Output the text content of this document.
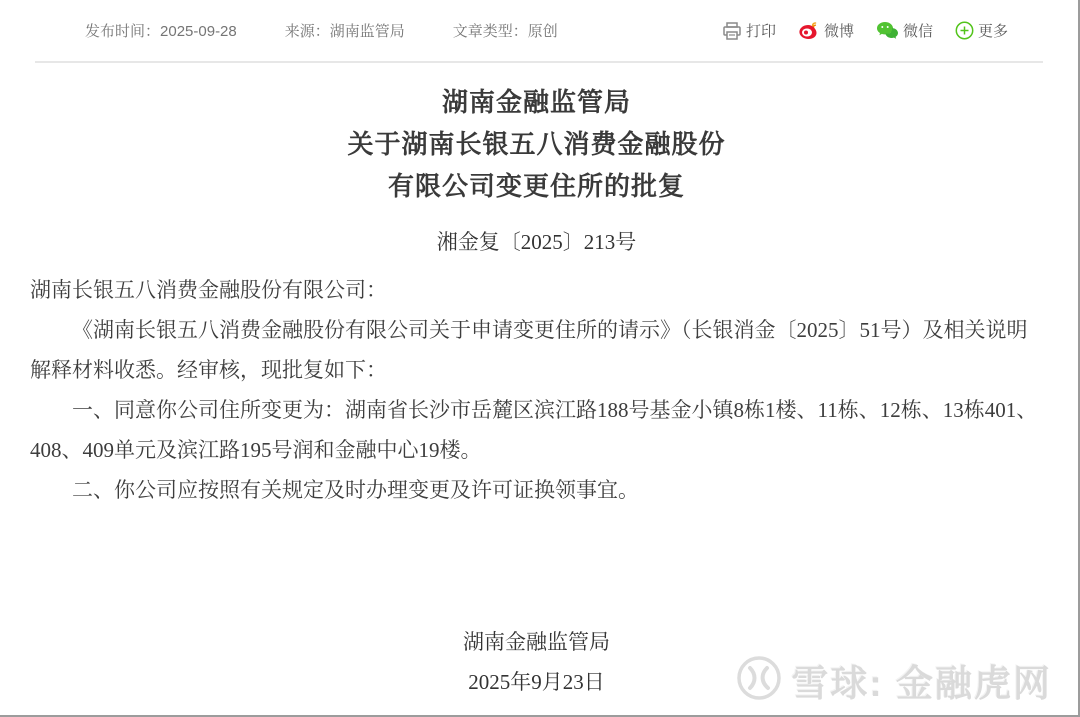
发布时间：2025-09-28	来源：湖南监管局	文章类型：原创	打印	微博	微信	更多
湖南金融监管局
关于湖南长银五八消费金融股份
有限公司变更住所的批复
湘金复〔2025〕213号

湖南长银五八消费金融股份有限公司：

《湖南长银五八消费金融股份有限公司关于申请变更住所的请示》（长银消金〔2025〕51号）及相关说明解释材料收悉。经审核，现批复如下：

一、同意你公司住所变更为：湖南省长沙市岳麓区滨江路188号基金小镇8栋1楼、11栋、12栋、13栋401、408、409单元及滨江路195号润和金融中心19楼。

二、你公司应按照有关规定及时办理变更及许可证换领事宜。

湖南金融监管局
2025年9月23日	雪球: 金融虎网
